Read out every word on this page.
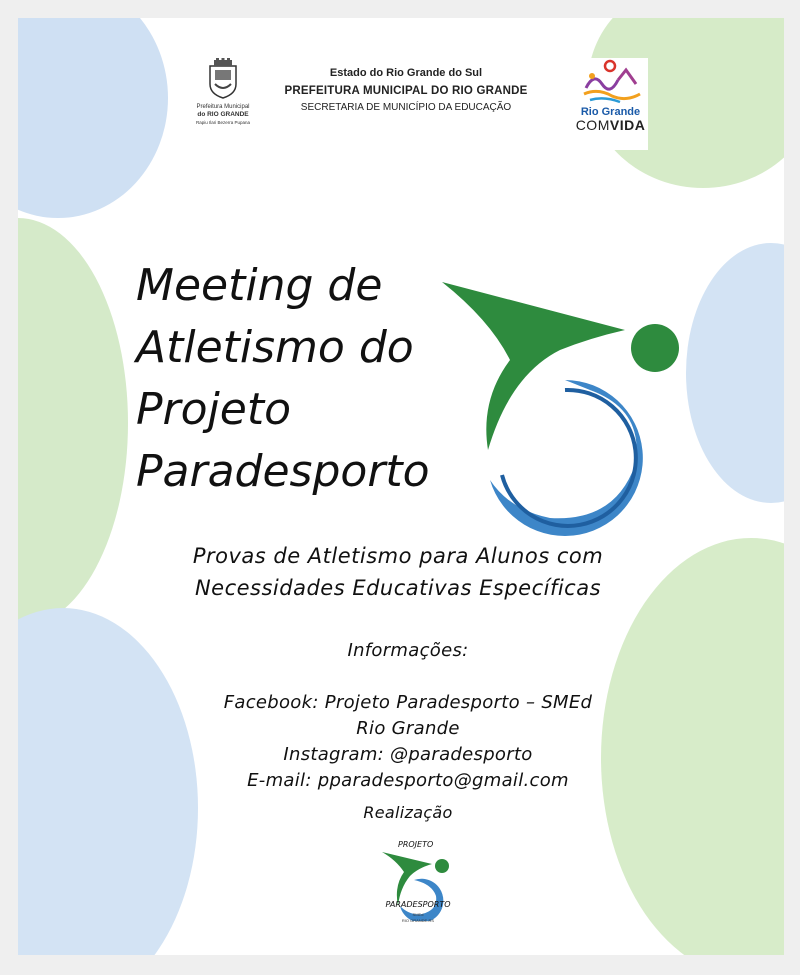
Prefeitura Municipal
do RIO GRANDE
Rapiu Ilari Bezerra Pupana
Estado do Rio Grande do Sul
PREFEITURA MUNICIPAL DO RIO GRANDE
SECRETARIA DE MUNICÍPIO DA EDUCAÇÃO	Rio Grande
COMVIDA
Meeting de
Atletismo do
Projeto
Paradesporto
Provas de Atletismo para Alunos com
Necessidades Educativas Específicas
Informações:
Facebook: Projeto Paradesporto – SMEd
Rio Grande
Instagram: @paradesporto
E-mail: pparadesporto@gmail.com
Realização
PROJETO
PARADESPORTO
SMEd
RIO GRANDE-RS
